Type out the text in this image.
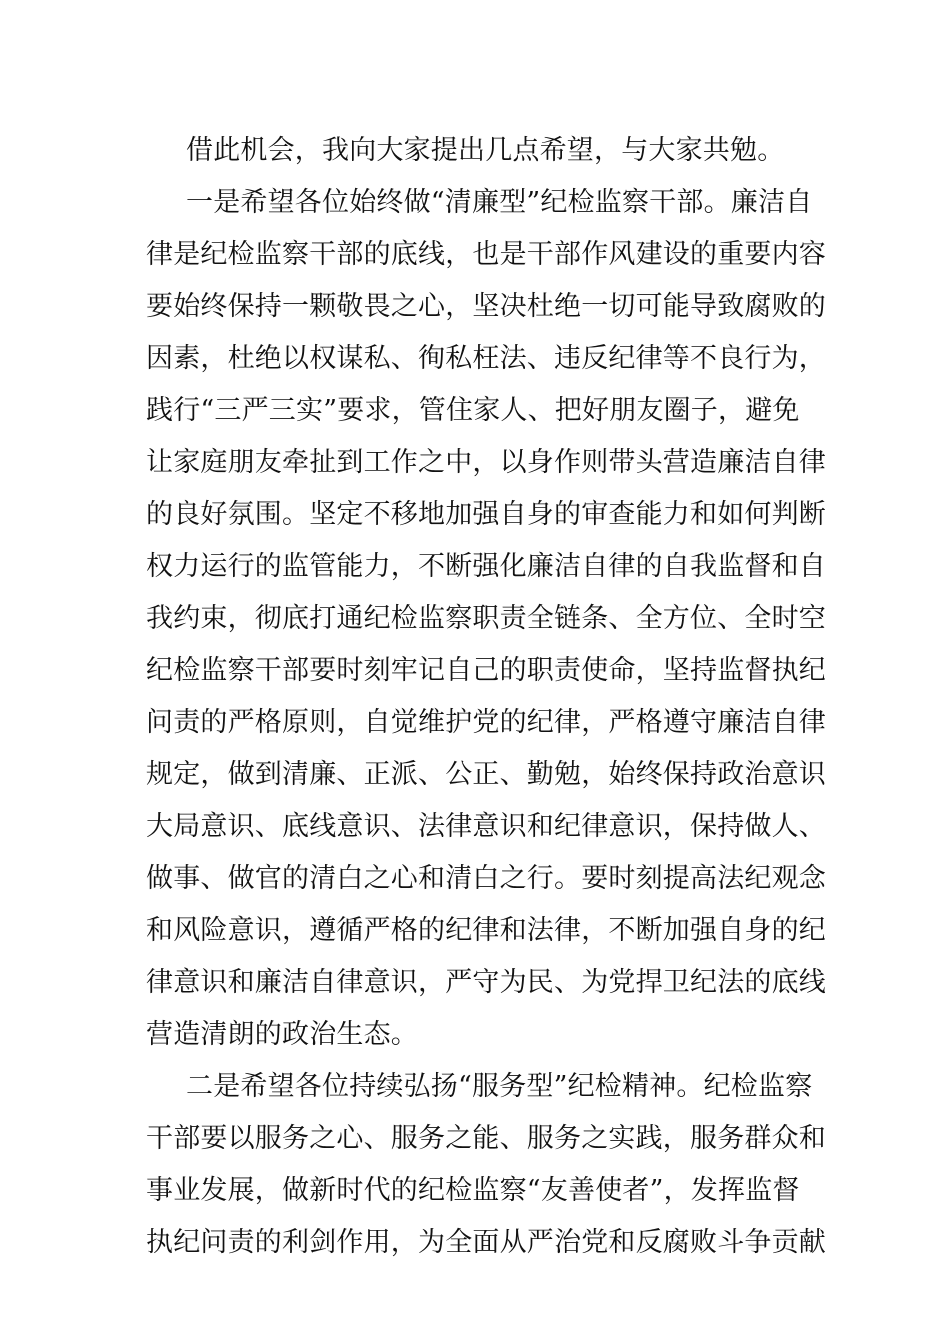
借此机会，我向大家提出几点希望，与大家共勉。
一是希望各位始终做“清廉型”纪检监察干部。廉洁自
律是纪检监察干部的底线，也是干部作风建设的重要内容
要始终保持一颗敬畏之心，坚决杜绝一切可能导致腐败的
因素，杜绝以权谋私、徇私枉法、违反纪律等不良行为，
践行“三严三实”要求，管住家人、把好朋友圈子，避免
让家庭朋友牵扯到工作之中，以身作则带头营造廉洁自律
的良好氛围。坚定不移地加强自身的审查能力和如何判断
权力运行的监管能力，不断强化廉洁自律的自我监督和自
我约束，彻底打通纪检监察职责全链条、全方位、全时空
纪检监察干部要时刻牢记自己的职责使命，坚持监督执纪
问责的严格原则，自觉维护党的纪律，严格遵守廉洁自律
规定，做到清廉、正派、公正、勤勉，始终保持政治意识
大局意识、底线意识、法律意识和纪律意识，保持做人、
做事、做官的清白之心和清白之行。要时刻提高法纪观念
和风险意识，遵循严格的纪律和法律，不断加强自身的纪
律意识和廉洁自律意识，严守为民、为党捍卫纪法的底线
营造清朗的政治生态。
二是希望各位持续弘扬“服务型”纪检精神。纪检监察
干部要以服务之心、服务之能、服务之实践，服务群众和
事业发展，做新时代的纪检监察“友善使者”，发挥监督
执纪问责的利剑作用，为全面从严治党和反腐败斗争贡献
